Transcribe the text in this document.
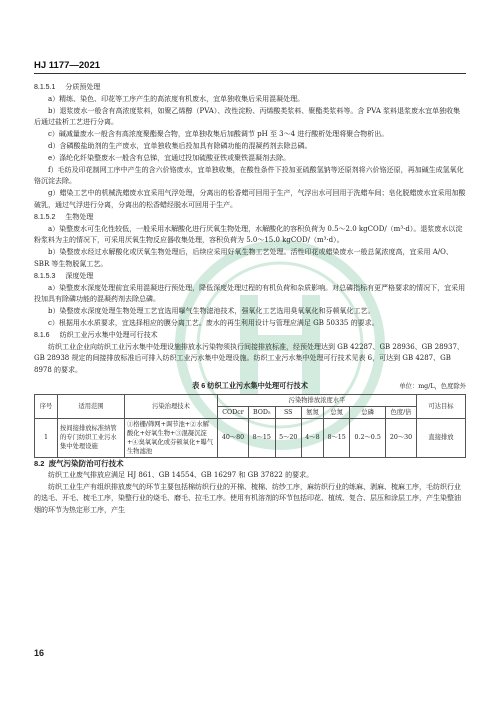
HJ 1177—2021

8.1.5.1 分质预处理

a）精练、染色、印花等工序产生的高浓度有机废水，宜单独收集后采用混凝处理。

b）退浆废水一般含有高浓度浆料，如聚乙烯醇（PVA）、改性淀粉、丙烯酸类浆料、聚酯类浆料等。含 PVA 浆料退浆废水宜单独收集后通过盐析工艺进行分离。

c）碱减量废水一般含有高浓度聚酯聚合物，宜单独收集后加酸调节 pH 至 3～4 进行酸析处理将聚合物析出。

d）含磷酸盐助剂的生产废水，宜单独收集后投加具有除磷功能的混凝药剂去除总磷。

e）涤纶化纤染整废水一般含有总锑，宜通过投加硫酸亚铁或聚铁混凝剂去除。

f）毛纺及印花制网工序中产生的含六价铬废水，宜单独收集，在酸性条件下投加亚硫酸氢钠等还原剂将六价铬还原，再加碱生成氢氧化铬沉淀去除。

g）蜡染工艺中的机械洗蜡废水宜采用气浮处理，分离出的松香蜡可回用于生产，气浮出水可回用于洗蜡车间；皂化脱蜡废水宜采用加酸破乳，通过气浮进行分离，分离出的松香蜡经脱水可回用于生产。

8.1.5.2 生物处理

a）染整废水可生化性较低，一般采用水解酸化进行厌氧生物处理，水解酸化的容积负荷为 0.5～2.0 kgCOD/（m³·d）。退浆废水以淀粉浆料为主的情况下，可采用厌氧生物反应器收集处理，容积负荷为 5.0～15.0 kgCOD/（m³·d）。

b）染整废水经过水解酸化或厌氧生物处理后，后续应采用好氧生物工艺处理。活性印花或蜡染废水一般总氮浓度高，宜采用 A/O、SBR 等生物脱氮工艺。

8.1.5.3 深度处理

a）染整废水深度处理前宜采用混凝进行预处理，降低深度处理过程的有机负荷和杂质影响。对总磷指标有更严格要求的情况下，宜采用投加具有除磷功能的混凝药剂去除总磷。

b）染整废水深度处理生物处理工艺宜选用曝气生物滤池技术，强氧化工艺选用臭氧氧化和芬顿氧化工艺。

c）根据用水水质要求，宜选择相应的膜分离工艺。废水的再生利用设计与管理应满足 GB 50335 的要求。

8.1.6 纺织工业污水集中处理可行技术

纺织工业企业向纺织工业污水集中处理设施排放水污染物须执行间接排放标准，经预处理达到 GB 42287、GB 28936、GB 28937、GB 28938 规定的间接排放标准后可排入纺织工业污水集中处理设施。纺织工业污水集中处理可行技术见表 6，可达到 GB 4287、GB 8978 的要求。

表 6 纺织工业污水集中处理可行技术	单位：mg/L，色度除外
序号	适用范围	污染治理技术	污染物排放浓度水平							可达目标
			CODcr	BOD₅	SS	氨氮	总氮	总磷	色度/倍	
1	按间接排放标准纳管的专门纺织工业污水集中处理设施	①格栅/筛网+调节池+②水解酸化+好氧生物+③混凝沉淀+④臭氧氧化或芬顿氧化+曝气生物滤池	40～80	8～15	5～20	4～8	8～15	0.2～0.5	20～30	直接排放

8.2 废气污染防治可行技术

纺织工业废气排放应满足 HJ 861、GB 14554、GB 16297 和 GB 37822 的要求。

纺织工业生产有组织排放废气的环节主要包括棉纺织行业的开棉、梳棉、纺纱工序，麻纺织行业的练麻、剥麻、梳麻工序，毛纺织行业的选毛、开毛、梳毛工序，染整行业的烧毛、磨毛、拉毛工序。使用有机溶剂的环节包括印花、植绒、复合、层压和涂层工序，产生染整油烟的环节为热定形工序，产生

16
